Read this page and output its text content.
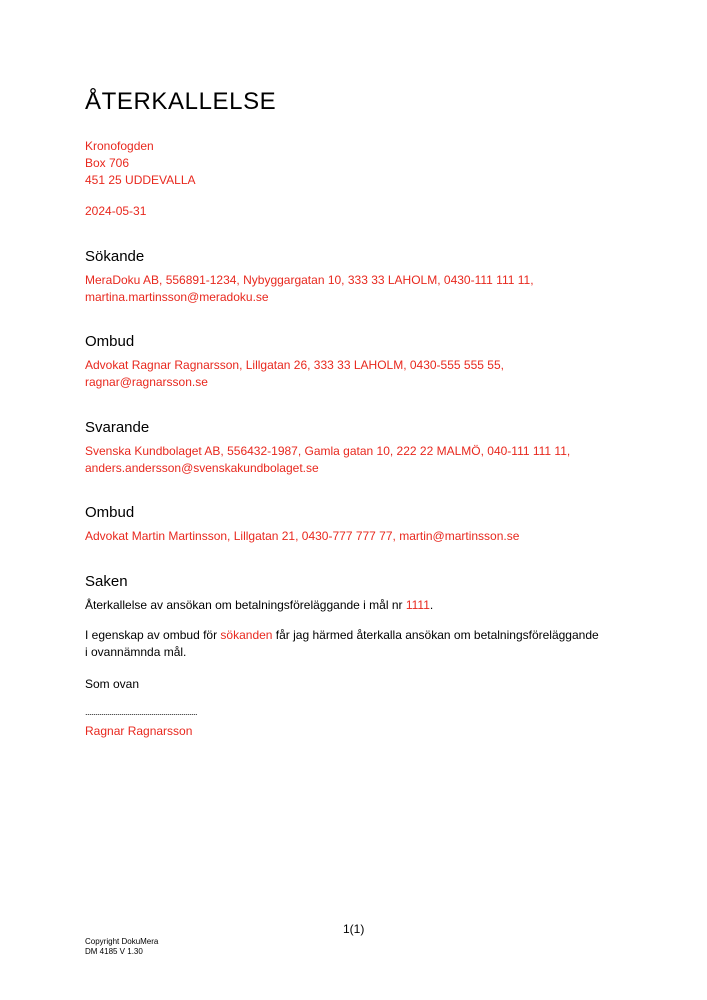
ÅTERKALLELSE
Kronofogden
Box 706
451 25 UDDEVALLA
2024-05-31
Sökande
MeraDoku AB, 556891-1234, Nybyggargatan 10, 333 33 LAHOLM, 0430-111 111 11,
martina.martinsson@meradoku.se
Ombud
Advokat Ragnar Ragnarsson, Lillgatan 26, 333 33 LAHOLM, 0430-555 555 55,
ragnar@ragnarsson.se
Svarande
Svenska Kundbolaget AB, 556432-1987, Gamla gatan 10, 222 22 MALMÖ, 040-111 111 11,
anders.andersson@svenskakundbolaget.se
Ombud
Advokat Martin Martinsson, Lillgatan 21, 0430-777 777 77, martin@martinsson.se
Saken
Återkallelse av ansökan om betalningsföreläggande i mål nr 1111.
I egenskap av ombud för sökanden får jag härmed återkalla ansökan om betalningsföreläggande
i ovannämnda mål.
Som ovan
........................................................
Ragnar Ragnarsson
1(1)
Copyright DokuMera
DM 4185 V 1.30
